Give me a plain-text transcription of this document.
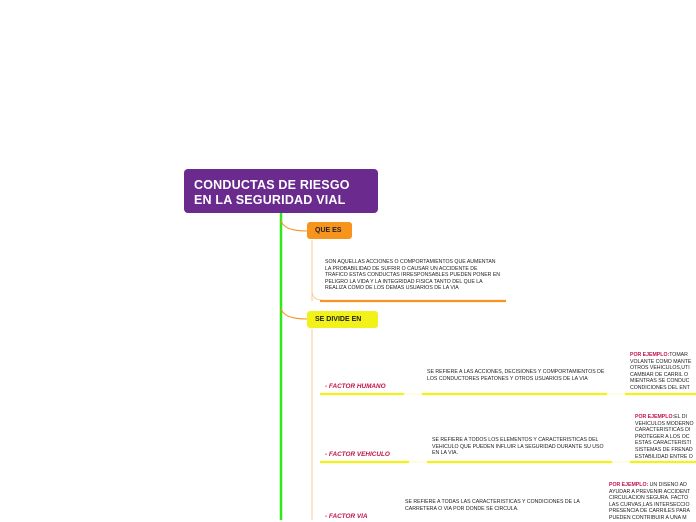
CONDUCTAS DE RIESGO
EN LA SEGURIDAD VIAL
QUE ES
SON AQUELLAS ACCIONES O COMPORTAMIENTOS QUE AUMENTAN LA PROBABILIDAD DE SUFRIR O CAUSAR UN ACCIDENTE DE TRAFICO ESTAS CONDUCTAS IRRESPONSABLES PUEDEN PONER EN PELIGRO LA VIDA Y LA INTEGRIDAD FISICA TANTO DEL QUE LA REALIZA COMO DE LOS DEMAS USUARIOS DE LA VIA
SE DIVIDE EN
- FACTOR HUMANO
SE REFIERE A LAS ACCIONES, DECISIONES Y COMPORTAMIENTOS DE LOS CONDUCTORES PEATONES Y OTROS USUARIOS DE LA VIA
POR EJEMPLO:TOMAR
VOLANTE COMO MANTE
OTROS VEHICULOS,UTI
CAMBIAR DE CARRIL O
MIENTRAS SE CONDUC
CONDICIONES DEL ENT
- FACTOR VEHICULO
SE REFIERE A TODOS LOS ELEMENTOS Y CARACTERISTICAS DEL VEHICULO QUE PUEDEN INFLUIR LA SEGURIDAD DURANTE SU USO EN LA VIA.
POR EJEMPLO:EL DI
VEHICULOS MODERNO
CARACTERISTICAS DI
PROTEGER A LOS OC
ESTAS CARACTERISTI
SISTEMAS DE FRENAD
ESTABILIDAD ENTRE O
- FACTOR VIA
SE REFIERE A TODAS LAS CARACTERISTICAS Y CONDICIONES DE LA CARRETERA O VIA POR DONDE SE CIRCULA.
POR EJEMPLO: UN DISEÑO AD
AYUDAR A PREVENIR ACCIDENT
CIRCULACION SEGURA. FACTO
LAS CURVAS,LAS INTERSECCIO
PRESENCIA DE CARRILES PARA
PUEDEN CONTRIBUIR A UNA M
